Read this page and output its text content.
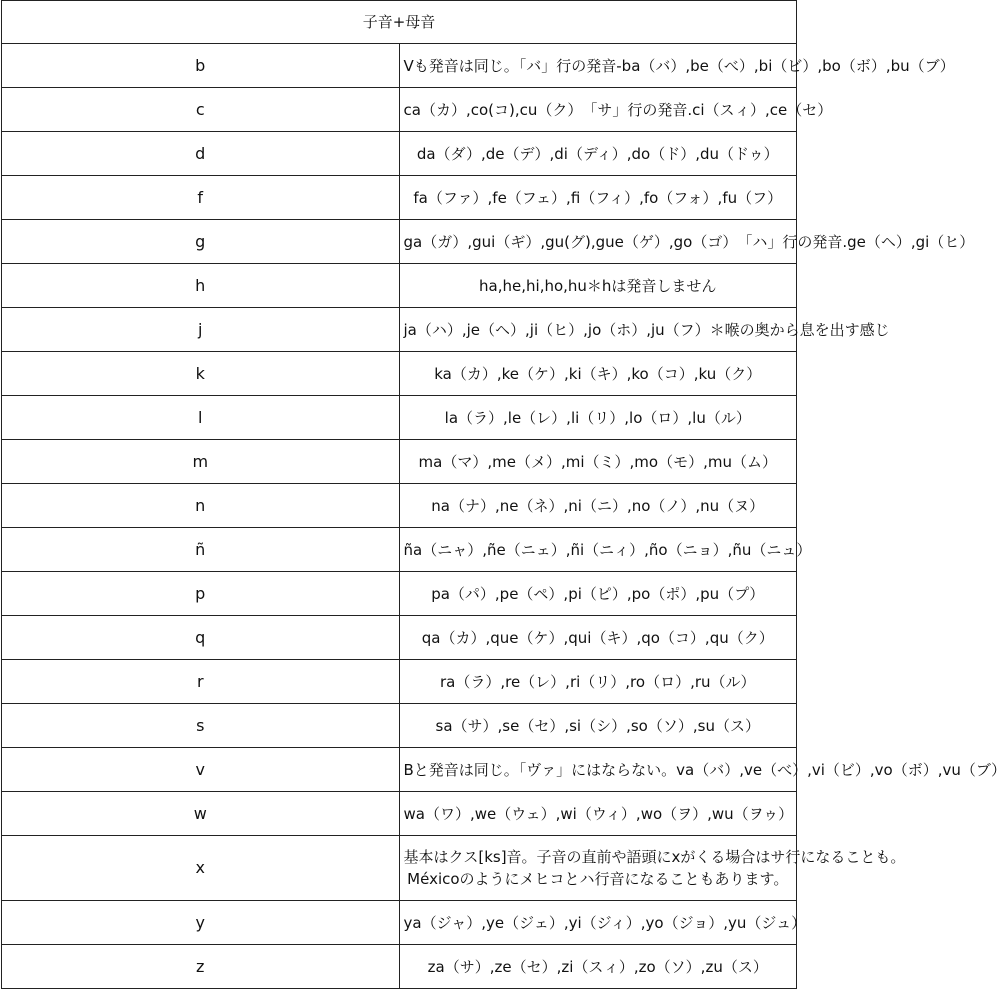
子音+母音	
b	Vも発音は同じ。「バ」行の発音-ba（バ）,be（べ）,bi（ビ）,bo（ボ）,bu（ブ）

c	ca（カ）,co(コ),cu（ク）　「サ」行の発音.ci（スィ）,ce（セ）

d	da（ダ）,de（デ）,di（ディ）,do（ド）,du（ドゥ）

f	fa（ファ）,fe（フェ）,fi（フィ）,fo（フォ）,fu（フ）

g	ga（ガ）,gui（ギ）,gu(グ),gue（ゲ）,go（ゴ）　「ハ」行の発音.ge（ヘ）,gi（ヒ）

h	ha,he,hi,ho,hu＊hは発音しません

j	ja（ハ）,je（ヘ）,ji（ヒ）,jo（ホ）,ju（フ）＊喉の奥から息を出す感じ

k	ka（カ）,ke（ケ）,ki（キ）,ko（コ）,ku（ク）

l	la（ラ）,le（レ）,li（リ）,lo（ロ）,lu（ル）

m	ma（マ）,me（メ）,mi（ミ）,mo（モ）,mu（ム）

n	na（ナ）,ne（ネ）,ni（ニ）,no（ノ）,nu（ヌ）

ñ	ña（ニャ）,ñe（ニェ）,ñi（ニィ）,ño（ニョ）,ñu（ニュ）

p	pa（パ）,pe（ペ）,pi（ピ）,po（ポ）,pu（プ）

q	qa（カ）,que（ケ）,qui（キ）,qo（コ）,qu（ク）

r	ra（ラ）,re（レ）,ri（リ）,ro（ロ）,ru（ル）

s	sa（サ）,se（セ）,si（シ）,so（ソ）,su（ス）

v	Bと発音は同じ。「ヴァ」にはならない。va（バ）,ve（べ）,vi（ビ）,vo（ボ）,vu（ブ）

w	wa（ワ）,we（ウェ）,wi（ウィ）,wo（ヲ）,wu（ヲゥ）

x	基本はクス[ks]音。子音の直前や語頭にxがくる場合はサ行になることも。
Méxicoのようにメヒコとハ行音になることもあります。

y	ya（ジャ）,ye（ジェ）,yi（ジィ）,yo（ジョ）,yu（ジュ）

z	za（サ）,ze（セ）,zi（スィ）,zo（ソ）,zu（ス）
